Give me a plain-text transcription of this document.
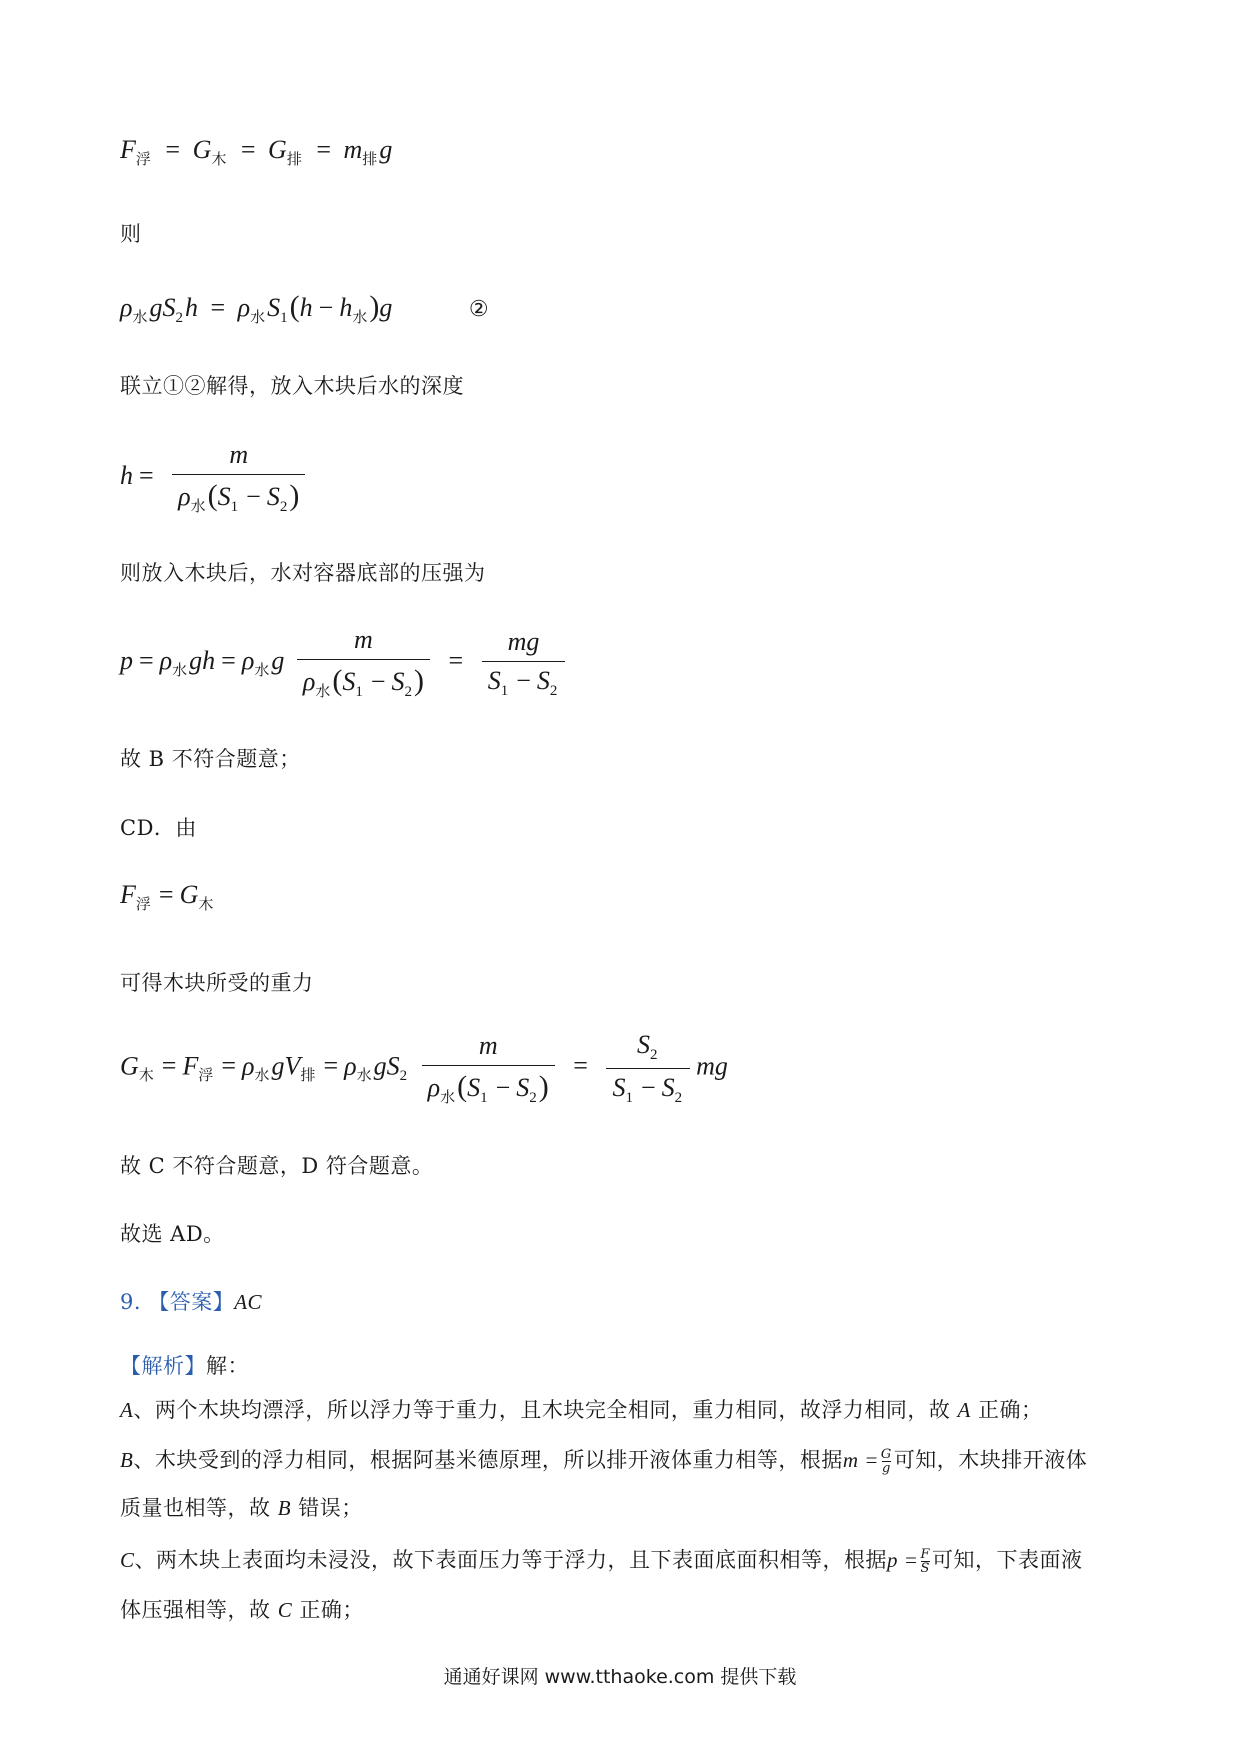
$F_浮 = G_木 = G_排 = m_排g$
则
$\rho_水gS_2h = \rho_水S_1(h - h_水)g$	②
联立①②解得，放入木块后水的深度
$h = \frac{m}{\rho_水(S_1 - S_2)}$
则放入木块后，水对容器底部的压强为
$p = \rho_水gh = \rho_水g \frac{m}{\rho_水(S_1 - S_2)} = \frac{mg}{S_1 - S_2}$
故 B 不符合题意；
CD．由
$F_浮 = G_木$
可得木块所受的重力
$G_木 = F_浮 = \rho_水gV_排 = \rho_水gS_2 \frac{m}{\rho_水(S_1 - S_2)} = \frac{S_2}{S_1 - S_2}$ mg
故 C 不符合题意，D 符合题意。
故选 AD。
9. 【答案】AC
【解析】解：
A、两个木块均漂浮，所以浮力等于重力，且木块完全相同，重力相同，故浮力相同，故 A 正确；
B、木块受到的浮力相同，根据阿基米德原理，所以排开液体重力相等，根据$m = \frac{G}{g}$ 可知，木块排开液体
质量也相等，故 B 错误；
C、两木块上表面均未浸没，故下表面压力等于浮力，且下表面底面积相等，根据$p = \frac{F}{S}$ 可知，下表面液
体压强相等，故 C 正确；
通通好课网 www.tthaoke.com 提供下载
